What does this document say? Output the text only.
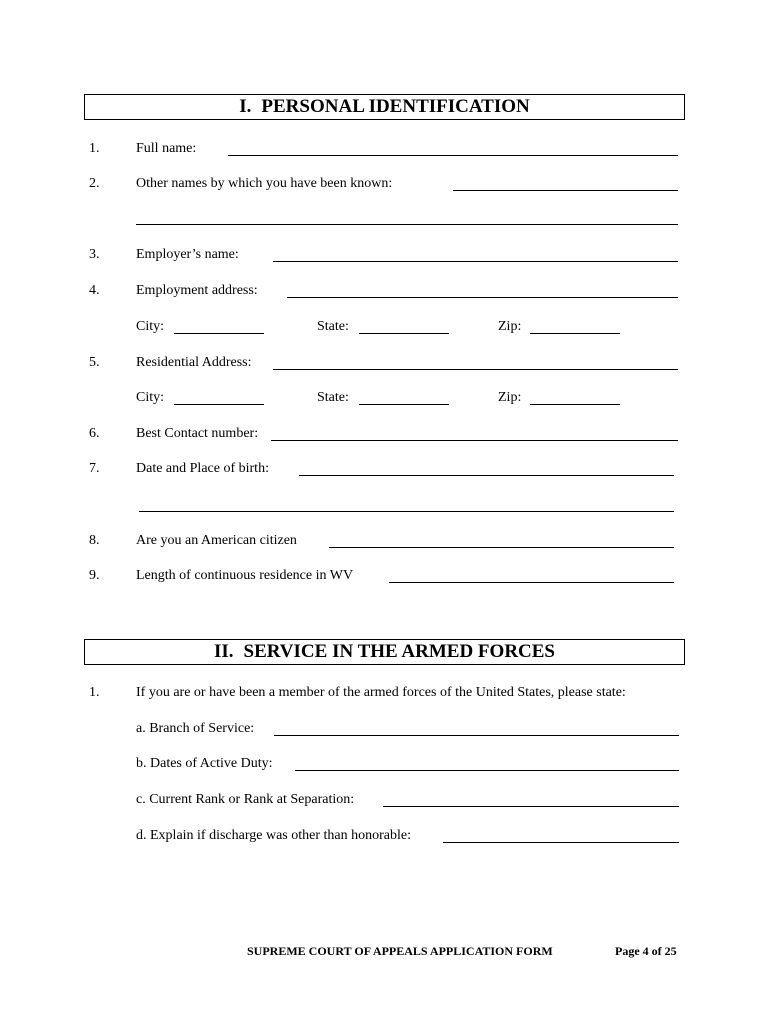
I. PERSONAL IDENTIFICATION
1.	Full name:
2.	Other names by which you have been known:
3.	Employer’s name:
4.	Employment address:
City:	State:	Zip:
5.	Residential Address:
City:	State:	Zip:
6.	Best Contact number:
7.	Date and Place of birth:
8.	Are you an American citizen
9.	Length of continuous residence in WV
II. SERVICE IN THE ARMED FORCES
1.	If you are or have been a member of the armed forces of the United States, please state:
a. Branch of Service:
b. Dates of Active Duty:
c. Current Rank or Rank at Separation:
d. Explain if discharge was other than honorable:
SUPREME COURT OF APPEALS APPLICATION FORM	Page 4 of 25
